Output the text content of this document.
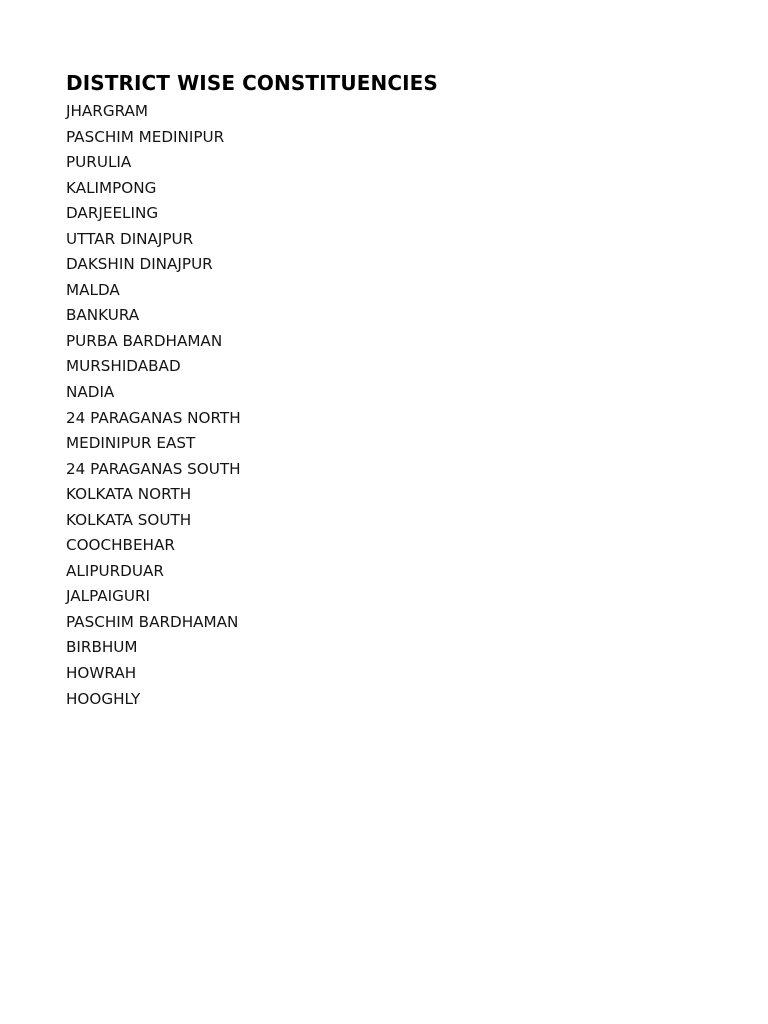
DISTRICT WISE CONSTITUENCIES
JHARGRAM
PASCHIM MEDINIPUR
PURULIA
KALIMPONG
DARJEELING
UTTAR DINAJPUR
DAKSHIN DINAJPUR
MALDA
BANKURA
PURBA BARDHAMAN
MURSHIDABAD
NADIA
24 PARAGANAS NORTH
MEDINIPUR EAST
24 PARAGANAS SOUTH
KOLKATA NORTH
KOLKATA SOUTH
COOCHBEHAR
ALIPURDUAR
JALPAIGURI
PASCHIM BARDHAMAN
BIRBHUM
HOWRAH
HOOGHLY
